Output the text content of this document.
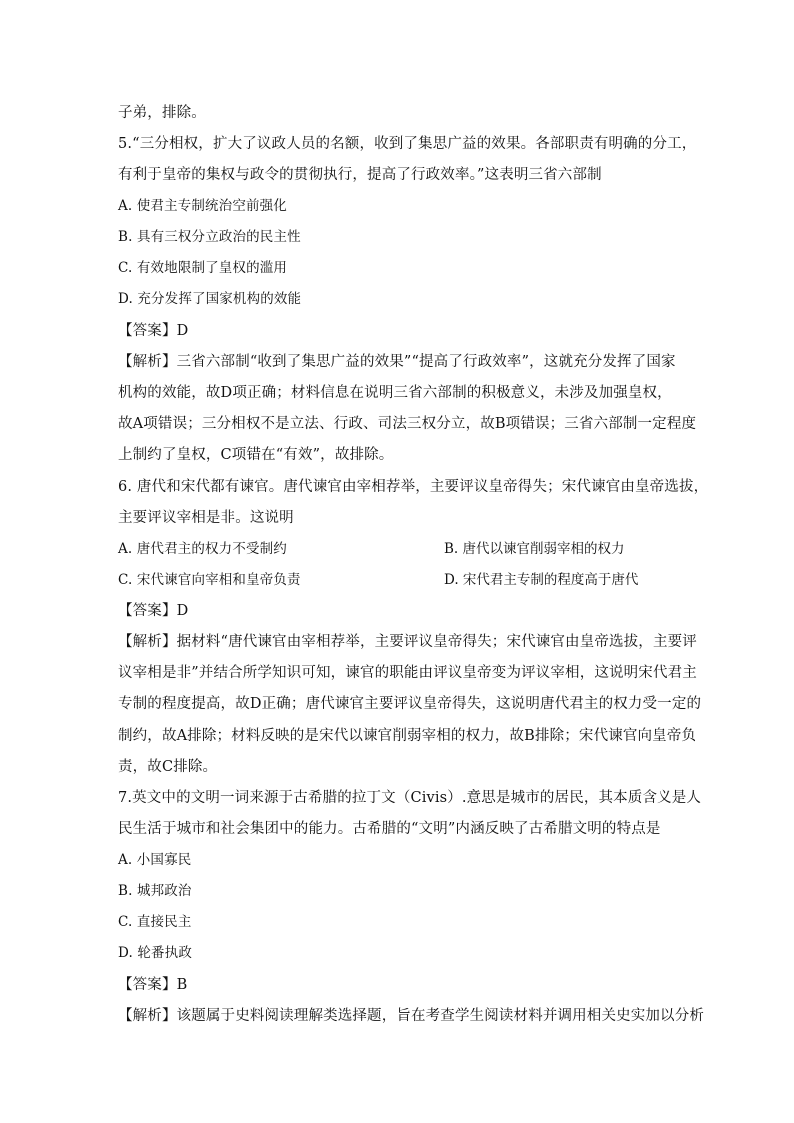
子弟，排除。
5.“三分相权，扩大了议政人员的名额，收到了集思广益的效果。各部职责有明确的分工，
有利于皇帝的集权与政令的贯彻执行，提高了行政效率。”这表明三省六部制
A. 使君主专制统治空前强化
B. 具有三权分立政治的民主性
C. 有效地限制了皇权的滥用
D. 充分发挥了国家机构的效能
【答案】D
【解析】三省六部制“收到了集思广益的效果”“提高了行政效率”，这就充分发挥了国家
机构的效能，故D项正确；材料信息在说明三省六部制的积极意义，未涉及加强皇权，
故A项错误；三分相权不是立法、行政、司法三权分立，故B项错误；三省六部制一定程度
上制约了皇权，C项错在“有效”，故排除。
6. 唐代和宋代都有谏官。唐代谏官由宰相荐举，主要评议皇帝得失；宋代谏官由皇帝选拔，
主要评议宰相是非。这说明
A. 唐代君主的权力不受制约	B. 唐代以谏官削弱宰相的权力
C. 宋代谏官向宰相和皇帝负责	D. 宋代君主专制的程度高于唐代
【答案】D
【解析】据材料“唐代谏官由宰相荐举，主要评议皇帝得失；宋代谏官由皇帝选拔，主要评
议宰相是非”并结合所学知识可知，谏官的职能由评议皇帝变为评议宰相，这说明宋代君主
专制的程度提高，故D正确；唐代谏官主要评议皇帝得失，这说明唐代君主的权力受一定的
制约，故A排除；材料反映的是宋代以谏官削弱宰相的权力，故B排除；宋代谏官向皇帝负
责，故C排除。
7.英文中的文明一词来源于古希腊的拉丁文（Civis）.意思是城市的居民，其本质含义是人
民生活于城市和社会集团中的能力。古希腊的“文明”内涵反映了古希腊文明的特点是
A. 小国寡民
B. 城邦政治
C. 直接民主
D. 轮番执政
【答案】B
【解析】该题属于史料阅读理解类选择题，旨在考查学生阅读材料并调用相关史实加以分析
